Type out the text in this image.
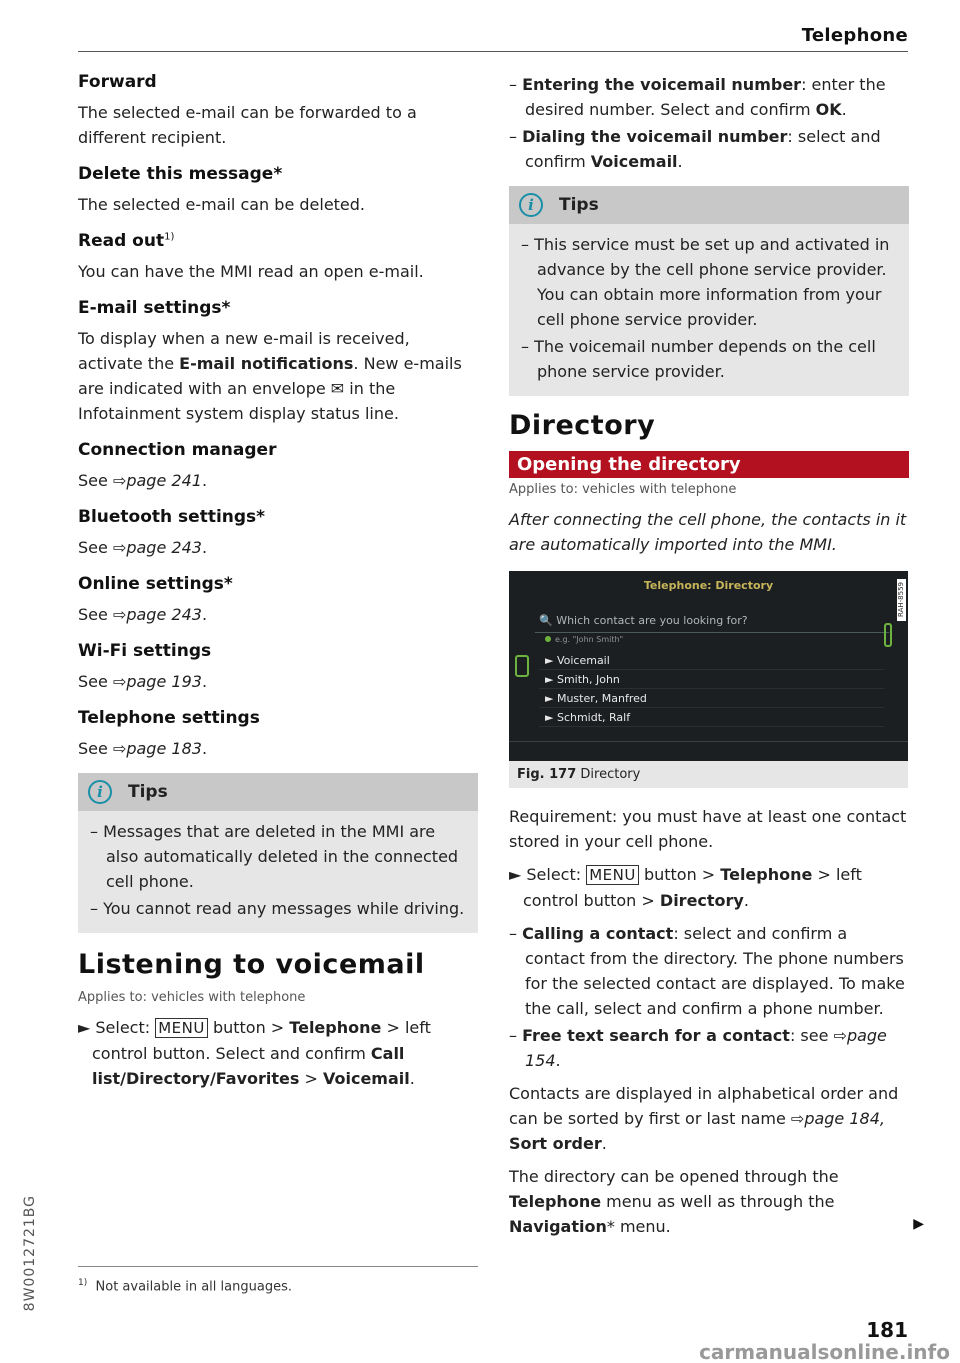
Telephone
Forward

The selected e-mail can be forwarded to a different recipient.

Delete this message*

The selected e-mail can be deleted.

Read out$^{1)}$

You can have the MMI read an open e-mail.

E-mail settings*

To display when a new e-mail is received, activate the E-mail notifications. New e-mails are indicated with an envelope ✉ in the Infotainment system display status line.

Connection manager

See ⇨page 241.

Bluetooth settings*

See ⇨page 243.

Online settings*

See ⇨page 243.

Wi-Fi settings

See ⇨page 193.

Telephone settings

See ⇨page 183.

i	Tips
– Messages that are deleted in the MMI are also automatically deleted in the connected cell phone.
– You cannot read any messages while driving.
Listening to voicemail
Applies to: vehicles with telephone

► Select: MENU button > Telephone > left control button. Select and confirm Call list/Directory/Favorites > Voicemail.

– Entering the voicemail number: enter the desired number. Select and confirm OK.

– Dialing the voicemail number: select and confirm Voicemail.

i	Tips
– This service must be set up and activated in advance by the cell phone service provider. You can obtain more information from your cell phone service provider.
– The voicemail number depends on the cell phone service provider.
Directory
Opening the directory
Applies to: vehicles with telephone

After connecting the cell phone, the contacts in it are automatically imported into the MMI.

Telephone: Directory	RAH-8559
🔍 Which contact are you looking for?
e.g. "John Smith"
► Voicemail
► Smith, John
► Muster, Manfred
► Schmidt, Ralf
Fig. 177 Directory

Requirement: you must have at least one contact stored in your cell phone.

► Select: MENU button > Telephone > left control button > Directory.

– Calling a contact: select and confirm a contact from the directory. The phone numbers for the selected contact are displayed. To make the call, select and confirm a phone number.

– Free text search for a contact: see ⇨page 154.

Contacts are displayed in alphabetical order and can be sorted by first or last name ⇨page 184, Sort order.

The directory can be opened through the Telephone menu as well as through the Navigation* menu.	▶
$^{1)}$ Not available in all languages.
8W0012721BG
181
carmanualsonline.info
